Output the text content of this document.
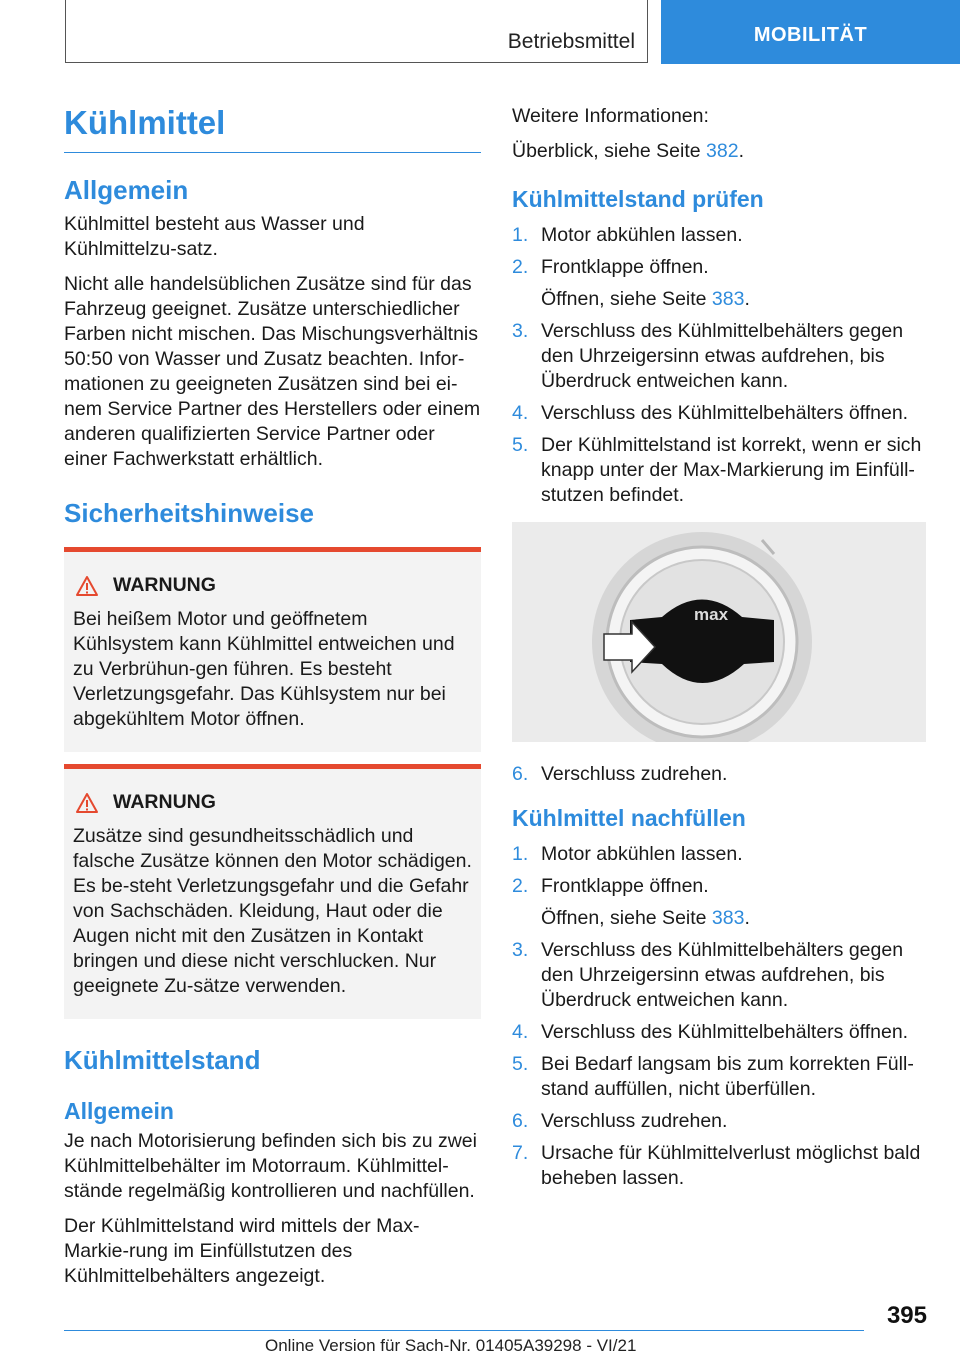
Betriebsmittel	MOBILITÄT
Kühlmittel
Allgemein

Kühlmittel besteht aus Wasser und Kühlmittelzu-satz.

Nicht alle handelsüblichen Zusätze sind für das Fahrzeug geeignet. Zusätze unterschiedlicher Farben nicht mischen. Das Mischungsverhältnis 50:50 von Wasser und Zusatz beachten. Infor-mationen zu geeigneten Zusätzen sind bei ei-nem Service Partner des Herstellers oder einem anderen qualifizierten Service Partner oder einer Fachwerkstatt erhältlich.

Sicherheitshinweise
WARNUNG

Bei heißem Motor und geöffnetem Kühlsystem kann Kühlmittel entweichen und zu Verbrühun-gen führen. Es besteht Verletzungsgefahr. Das Kühlsystem nur bei abgekühltem Motor öffnen.

WARNUNG

Zusätze sind gesundheitsschädlich und falsche Zusätze können den Motor schädigen. Es be-steht Verletzungsgefahr und die Gefahr von Sachschäden. Kleidung, Haut oder die Augen nicht mit den Zusätzen in Kontakt bringen und diese nicht verschlucken. Nur geeignete Zu-sätze verwenden.

Kühlmittelstand
Allgemein

Je nach Motorisierung befinden sich bis zu zwei Kühlmittelbehälter im Motorraum. Kühlmittel-stände regelmäßig kontrollieren und nachfüllen.

Der Kühlmittelstand wird mittels der Max-Markie-rung im Einfüllstutzen des Kühlmittelbehälters angezeigt.

Weitere Informationen:

Überblick, siehe Seite 382.

Kühlmittelstand prüfen
1. Motor abkühlen lassen.
2. Frontklappe öffnen.
Öffnen, siehe Seite 383.
3. Verschluss des Kühlmittelbehälters gegen den Uhrzeigersinn etwas aufdrehen, bis Überdruck entweichen kann.
4. Verschluss des Kühlmittelbehälters öffnen.
5. Der Kühlmittelstand ist korrekt, wenn er sich knapp unter der Max-Markierung im Einfüll-stutzen befindet.
max
6. Verschluss zudrehen.
Kühlmittel nachfüllen
1. Motor abkühlen lassen.
2. Frontklappe öffnen.
Öffnen, siehe Seite 383.
3. Verschluss des Kühlmittelbehälters gegen den Uhrzeigersinn etwas aufdrehen, bis Überdruck entweichen kann.
4. Verschluss des Kühlmittelbehälters öffnen.
5. Bei Bedarf langsam bis zum korrekten Füll-stand auffüllen, nicht überfüllen.
6. Verschluss zudrehen.
7. Ursache für Kühlmittelverlust möglichst bald beheben lassen.
395
Online Version für Sach-Nr. 01405A39298 - VI/21
